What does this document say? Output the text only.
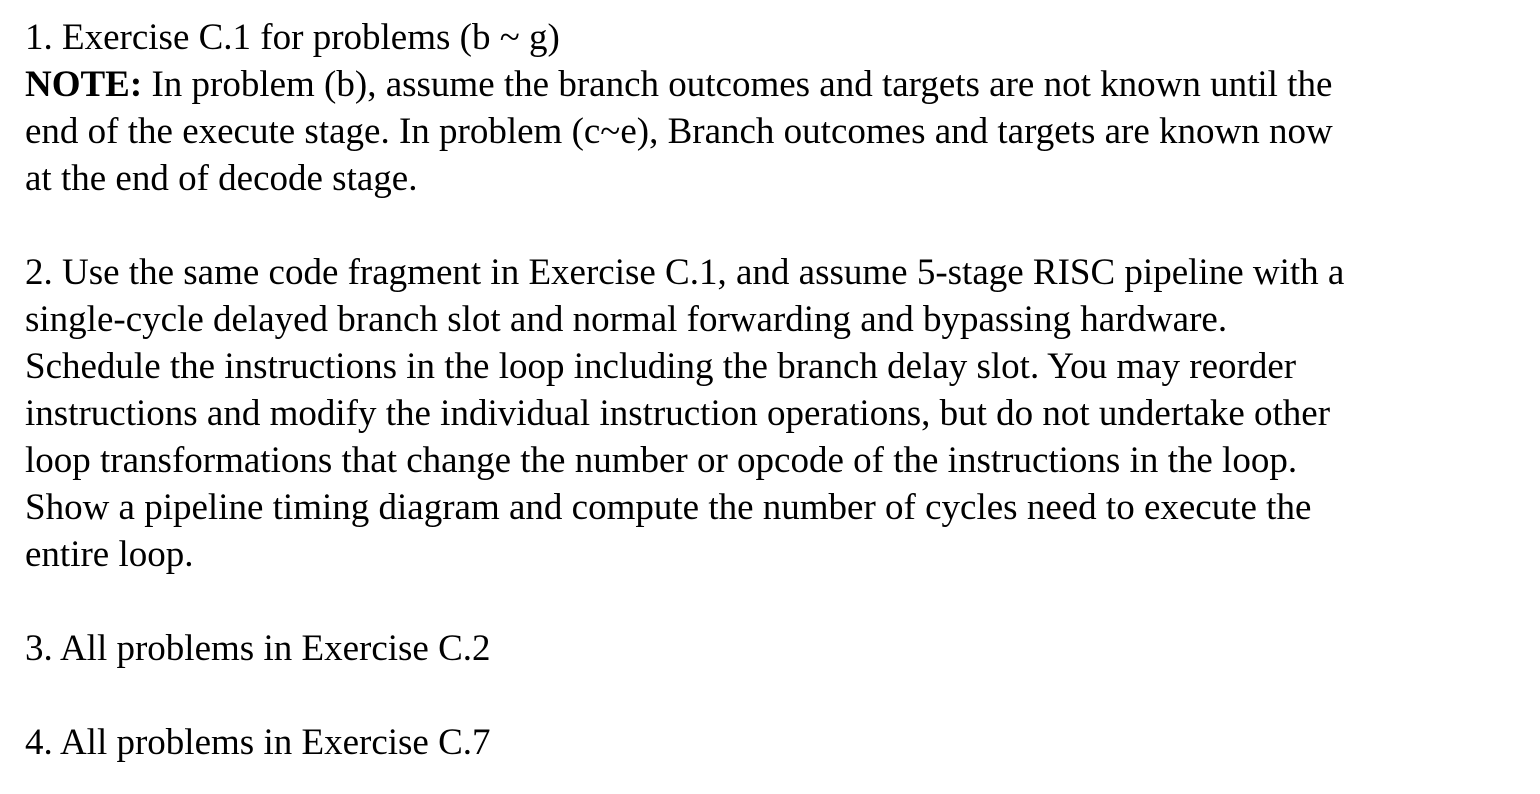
1. Exercise C.1 for problems (b ~ g)

NOTE: In problem (b), assume the branch outcomes and targets are not known until the

end of the execute stage. In problem (c~e), Branch outcomes and targets are known now

at the end of decode stage.

2. Use the same code fragment in Exercise C.1, and assume 5-stage RISC pipeline with a

single-cycle delayed branch slot and normal forwarding and bypassing hardware.

Schedule the instructions in the loop including the branch delay slot. You may reorder

instructions and modify the individual instruction operations, but do not undertake other

loop transformations that change the number or opcode of the instructions in the loop.

Show a pipeline timing diagram and compute the number of cycles need to execute the

entire loop.

3. All problems in Exercise C.2

4. All problems in Exercise C.7
